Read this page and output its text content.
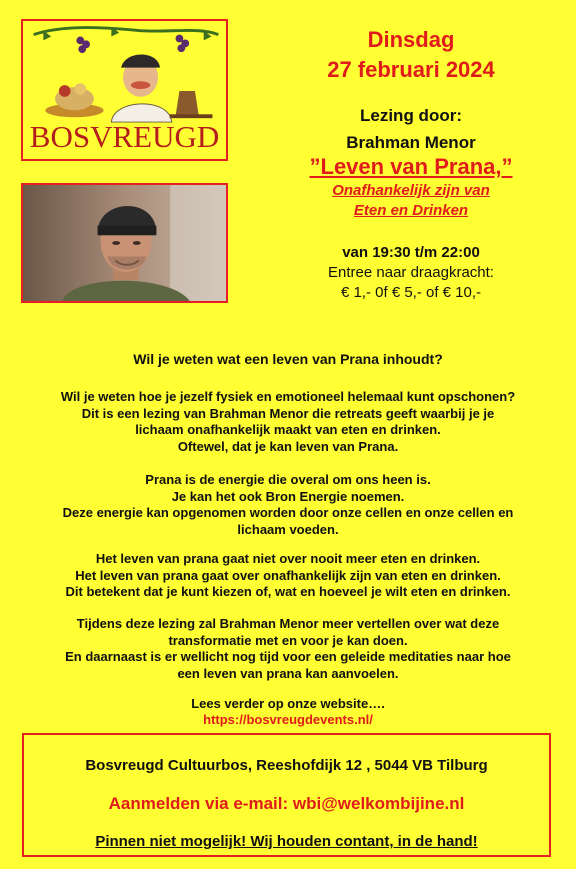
BOSVREUGD
Dinsdag
27 februari 2024
Lezing door:
Brahman Menor
”Leven van Prana,”
Onafhankelijk zijn van
Eten en Drinken
van 19:30 t/m 22:00
Entree naar draagkracht:
€ 1,- 0f € 5,- of € 10,-
Wil je weten wat een leven van Prana inhoudt?

Wil je weten hoe je jezelf fysiek en emotioneel helemaal kunt opschonen?

Dit is een lezing van Brahman Menor die retreats geeft waarbij je je

lichaam onafhankelijk maakt van eten en drinken.

Oftewel, dat je kan leven van Prana.

Prana is de energie die overal om ons heen is.

Je kan het ook Bron Energie noemen.

Deze energie kan opgenomen worden door onze cellen en onze cellen en

lichaam voeden.

Het leven van prana gaat niet over nooit meer eten en drinken.

Het leven van prana gaat over onafhankelijk zijn van eten en drinken.

Dit betekent dat je kunt kiezen of, wat en hoeveel je wilt eten en drinken.

Tijdens deze lezing zal Brahman Menor meer vertellen over wat deze

transformatie met en voor je kan doen.

En daarnaast is er wellicht nog tijd voor een geleide meditaties naar hoe

een leven van prana kan aanvoelen.

Lees verder op onze website….
https://bosvreugdevents.nl/
Bosvreugd Cultuurbos, Reeshofdijk 12 , 5044 VB Tilburg
Aanmelden via e-mail: wbi@welkombijine.nl
Pinnen niet mogelijk! Wij houden contant, in de hand!
